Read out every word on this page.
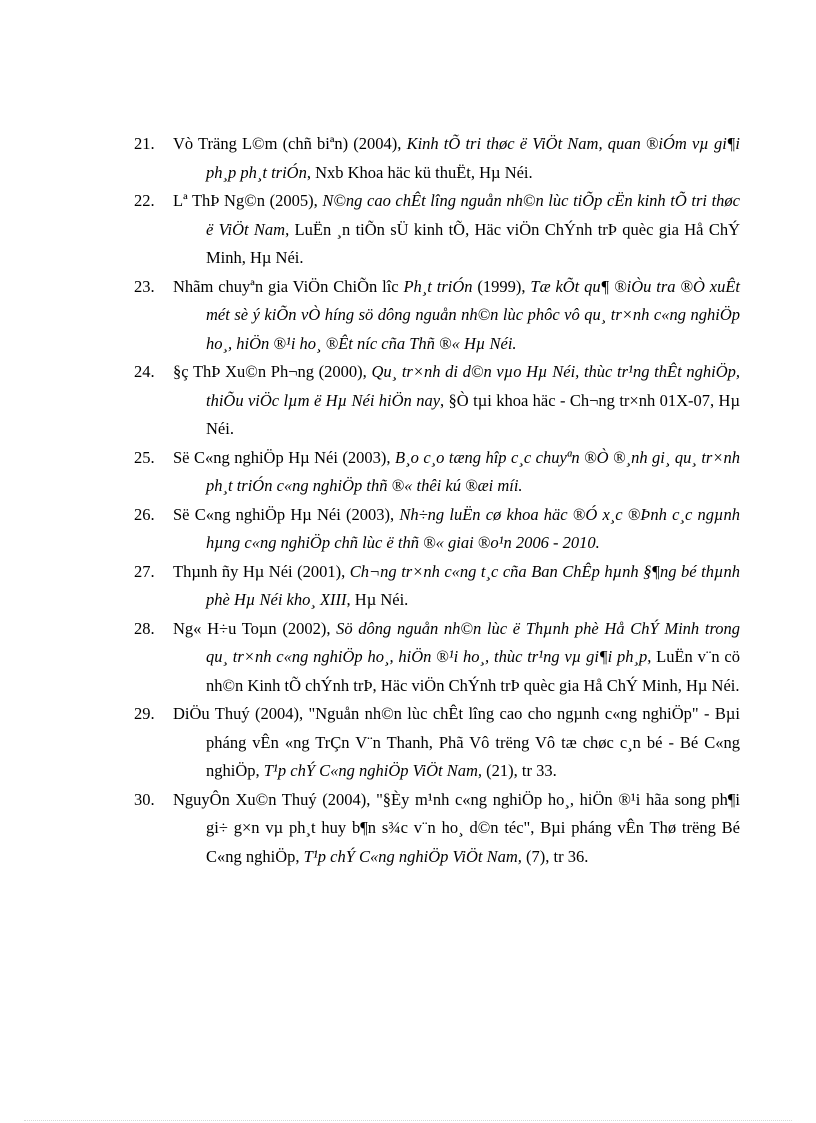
21. Vò Träng L©m (chñ biªn) (2004), Kinh tÕ tri thøc ë ViÖt Nam, quan ®iÓm vµ gi¶i ph¸p ph¸t triÓn, Nxb Khoa häc kü thuËt, Hµ Néi.

22. Lª ThÞ Ng©n (2005), N©ng cao chÊt lîng nguån nh©n lùc tiÕp cËn kinh tÕ tri thøc ë ViÖt Nam, LuËn ¸n tiÕn sÜ kinh tÕ, Häc viÖn ChÝnh trÞ quèc gia Hå ChÝ Minh, Hµ Néi.

23. Nhãm chuyªn gia ViÖn ChiÕn lîc Ph¸t triÓn (1999), Tæ kÕt qu¶ ®iÒu tra ®Ò xuÊt mét sè ý kiÕn vÒ híng sö dông nguån nh©n lùc phôc vô qu¸ tr×nh c«ng nghiÖp ho¸, hiÖn ®¹i ho¸ ®Êt níc cña Thñ ®« Hµ Néi.

24. §ç ThÞ Xu©n Ph¬ng (2000), Qu¸ tr×nh di d©n vµo Hµ Néi, thùc tr¹ng thÊt nghiÖp, thiÕu viÖc lµm ë Hµ Néi hiÖn nay, §Ò tµi khoa häc - Ch¬ng tr×nh 01X-07, Hµ Néi.

25. Së C«ng nghiÖp Hµ Néi (2003), B¸o c¸o tæng hîp c¸c chuyªn ®Ò ®¸nh gi¸ qu¸ tr×nh ph¸t triÓn c«ng nghiÖp thñ ®« thêi kú ®æi míi.

26. Së C«ng nghiÖp Hµ Néi (2003), Nh÷ng luËn cø khoa häc ®Ó x¸c ®Þnh c¸c ngµnh hµng c«ng nghiÖp chñ lùc ë thñ ®« giai ®o¹n 2006 - 2010.

27. Thµnh ñy Hµ Néi (2001), Ch¬ng tr×nh c«ng t¸c cña Ban ChÊp hµnh §¶ng bé thµnh phè Hµ Néi kho¸ XIII, Hµ Néi.

28. Ng« H÷u Toµn (2002), Sö dông nguån nh©n lùc ë Thµnh phè Hå ChÝ Minh trong qu¸ tr×nh c«ng nghiÖp ho¸, hiÖn ®¹i ho¸, thùc tr¹ng vµ gi¶i ph¸p, LuËn v¨n cö nh©n Kinh tÕ chÝnh trÞ, Häc viÖn ChÝnh trÞ quèc gia Hå ChÝ Minh, Hµ Néi.

29. DiÖu Thuý (2004), "Nguån nh©n lùc chÊt lîng cao cho ngµnh c«ng nghiÖp" - Bµi pháng vÊn «ng TrÇn V¨n Thanh, Phã Vô trëng Vô tæ chøc c¸n bé - Bé C«ng nghiÖp, T¹p chÝ C«ng nghiÖp ViÖt Nam, (21), tr 33.

30. NguyÔn Xu©n Thuý (2004), "§Èy m¹nh c«ng nghiÖp ho¸, hiÖn ®¹i hãa song ph¶i gi÷ g×n vµ ph¸t huy b¶n s¾c v¨n ho¸ d©n téc", Bµi pháng vÊn Thø trëng Bé C«ng nghiÖp, T¹p chÝ C«ng nghiÖp ViÖt Nam, (7), tr 36.
